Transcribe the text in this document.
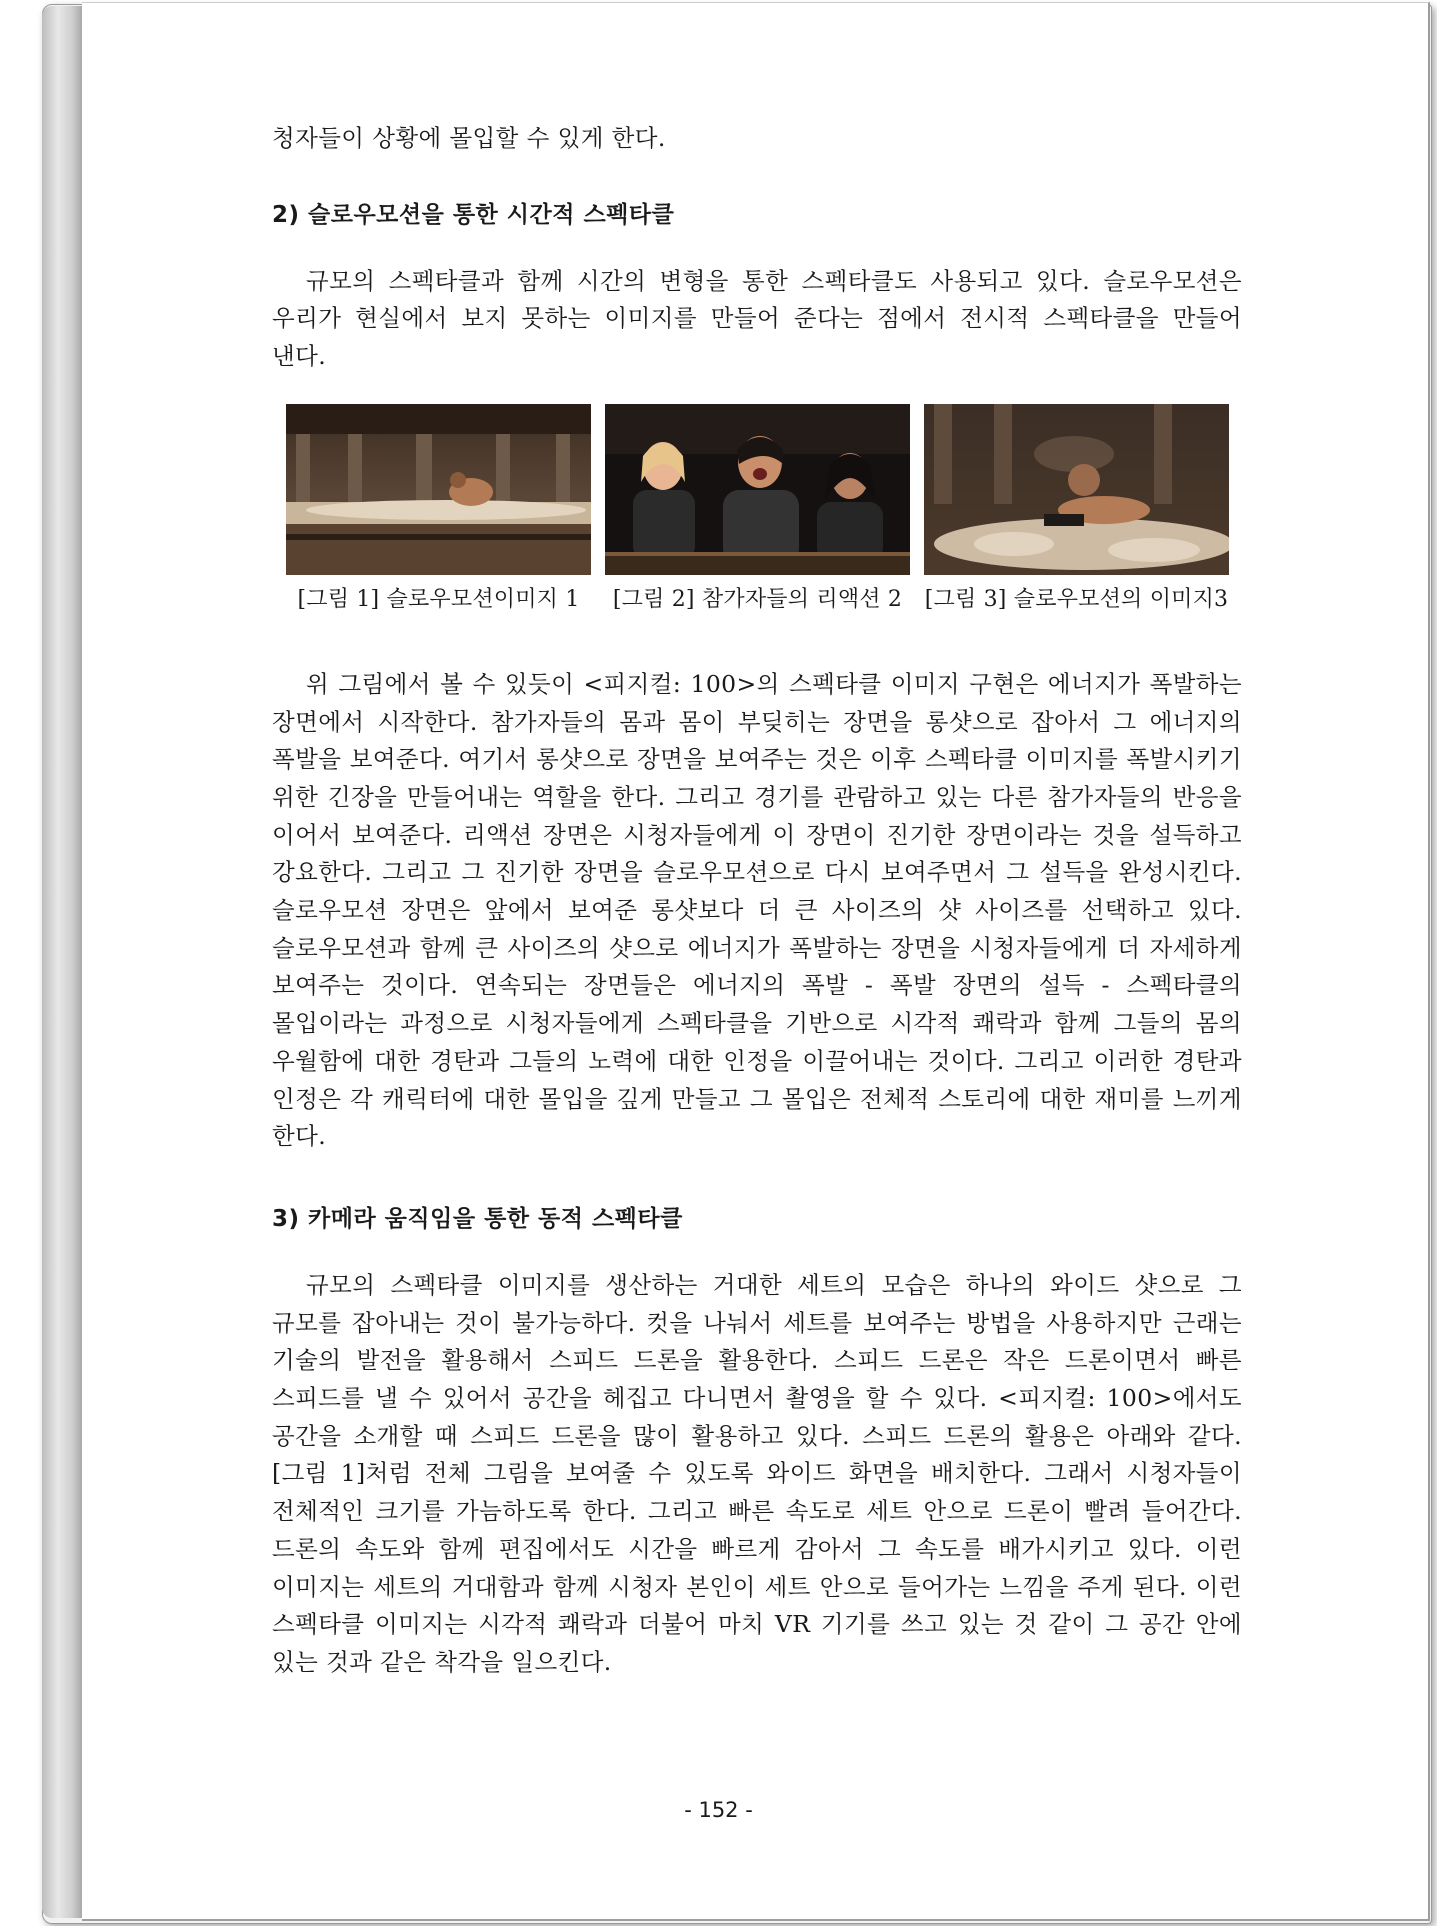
청자들이 상황에 몰입할 수 있게 한다.

2) 슬로우모션을 통한 시간적 스펙타클

규모의 스펙타클과 함께 시간의 변형을 통한 스펙타클도 사용되고 있다. 슬로우모션은 우리가 현실에서 보지 못하는 이미지를 만들어 준다는 점에서 전시적 스펙타클을 만들어 낸다.

위 그림에서 볼 수 있듯이 <피지컬: 100>의 스펙타클 이미지 구현은 에너지가 폭발하는 장면에서 시작한다. 참가자들의 몸과 몸이 부딪히는 장면을 롱샷으로 잡아서 그 에너지의 폭발을 보여준다. 여기서 롱샷으로 장면을 보여주는 것은 이후 스펙타클 이미지를 폭발시키기 위한 긴장을 만들어내는 역할을 한다. 그리고 경기를 관람하고 있는 다른 참가자들의 반응을 이어서 보여준다. 리액션 장면은 시청자들에게 이 장면이 진기한 장면이라는 것을 설득하고 강요한다. 그리고 그 진기한 장면을 슬로우모션으로 다시 보여주면서 그 설득을 완성시킨다. 슬로우모션 장면은 앞에서 보여준 롱샷보다 더 큰 사이즈의 샷 사이즈를 선택하고 있다. 슬로우모션과 함께 큰 사이즈의 샷으로 에너지가 폭발하는 장면을 시청자들에게 더 자세하게 보여주는 것이다. 연속되는 장면들은 에너지의 폭발 - 폭발 장면의 설득 - 스펙타클의 몰입이라는 과정으로 시청자들에게 스펙타클을 기반으로 시각적 쾌락과 함께 그들의 몸의 우월함에 대한 경탄과 그들의 노력에 대한 인정을 이끌어내는 것이다. 그리고 이러한 경탄과 인정은 각 캐릭터에 대한 몰입을 깊게 만들고 그 몰입은 전체적 스토리에 대한 재미를 느끼게 한다.

3) 카메라 움직임을 통한 동적 스펙타클

규모의 스펙타클 이미지를 생산하는 거대한 세트의 모습은 하나의 와이드 샷으로 그 규모를 잡아내는 것이 불가능하다. 컷을 나눠서 세트를 보여주는 방법을 사용하지만 근래는 기술의 발전을 활용해서 스피드 드론을 활용한다. 스피드 드론은 작은 드론이면서 빠른 스피드를 낼 수 있어서 공간을 헤집고 다니면서 촬영을 할 수 있다. <피지컬: 100>에서도 공간을 소개할 때 스피드 드론을 많이 활용하고 있다. 스피드 드론의 활용은 아래와 같다. [그림 1]처럼 전체 그림을 보여줄 수 있도록 와이드 화면을 배치한다. 그래서 시청자들이 전체적인 크기를 가늠하도록 한다. 그리고 빠른 속도로 세트 안으로 드론이 빨려 들어간다. 드론의 속도와 함께 편집에서도 시간을 빠르게 감아서 그 속도를 배가시키고 있다. 이런 이미지는 세트의 거대함과 함께 시청자 본인이 세트 안으로 들어가는 느낌을 주게 된다. 이런 스펙타클 이미지는 시각적 쾌락과 더불어 마치 VR 기기를 쓰고 있는 것 같이 그 공간 안에 있는 것과 같은 착각을 일으킨다.

[그림 1] 슬로우모션이미지 1	[그림 2] 참가자들의 리액션 2	[그림 3] 슬로우모션의 이미지3
- 152 -
